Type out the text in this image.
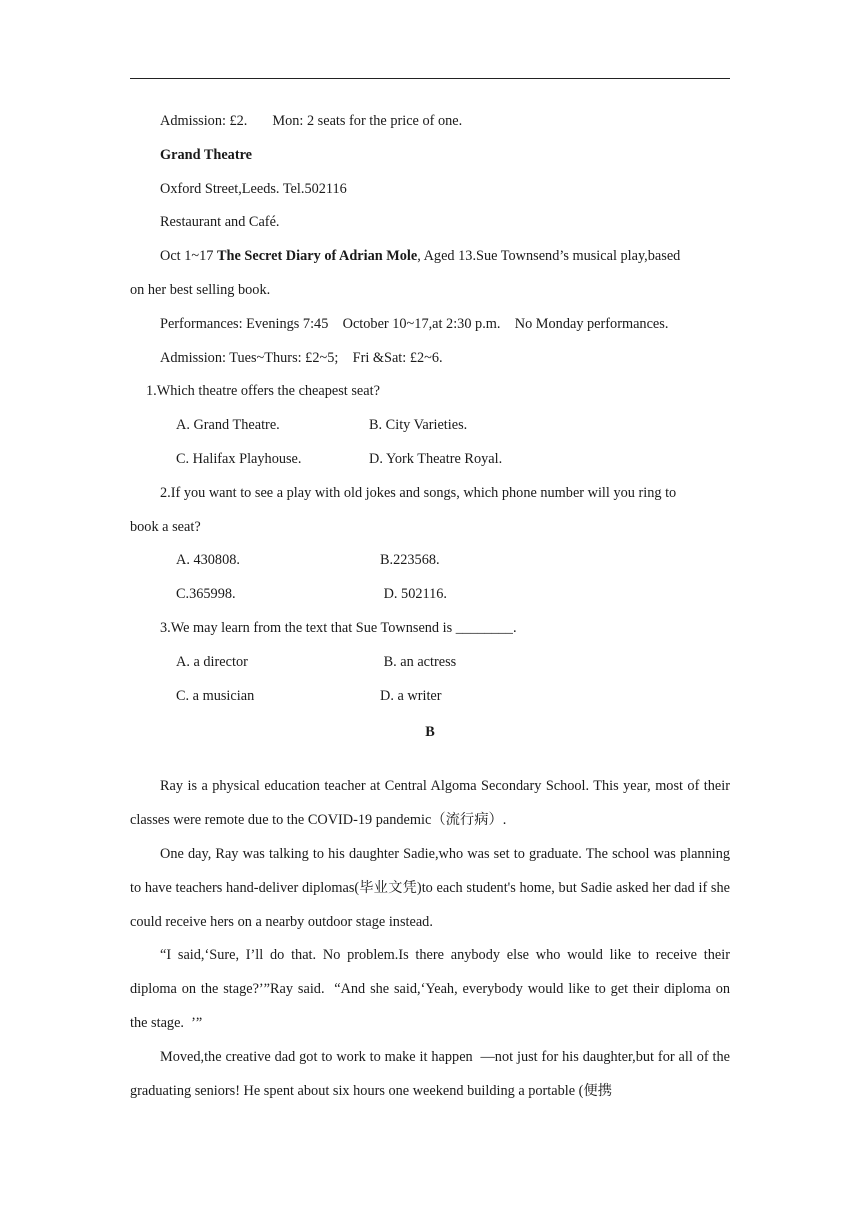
Admission: £2.       Mon: 2 seats for the price of one.
Grand Theatre
Oxford Street,Leeds. Tel.502116
Restaurant and Café.
Oct 1~17 The Secret Diary of Adrian Mole, Aged 13.Sue Townsend’s musical play,based
on her best selling book.
Performances: Evenings 7:45    October 10~17,at 2:30 p.m.    No Monday performances.
Admission: Tues~Thurs: £2~5;    Fri &Sat: £2~6.
1.Which theatre offers the cheapest seat?
A. Grand Theatre.	B. City Varieties.
C. Halifax Playhouse.	D. York Theatre Royal.
2.If you want to see a play with old jokes and songs, which phone number will you ring to
book a seat?
A. 430808.	B.223568.
C.365998.	D. 502116.
3.We may learn from the text that Sue Townsend is ________.
A. a director	B. an actress
C. a musician	D. a writer
B
Ray is a physical education teacher at Central Algoma Secondary School. This year, most of their classes were remote due to the COVID-19 pandemic（流行病）.
One day, Ray was talking to his daughter Sadie,who was set to graduate. The school was planning to have teachers hand-deliver diplomas(毕业文凭)to each student's home, but Sadie asked her dad if she could receive hers on a nearby outdoor stage instead.
“I said,‘Sure, I’ll do that. No problem.Is there anybody else who would like to receive their diploma on the stage?’”Ray said.  “And she said,‘Yeah, everybody would like to get their diploma on the stage.  ’”
Moved,the creative dad got to work to make it happen  —not just for his daughter,but for all of the graduating seniors! He spent about six hours one weekend building a portable (便携
